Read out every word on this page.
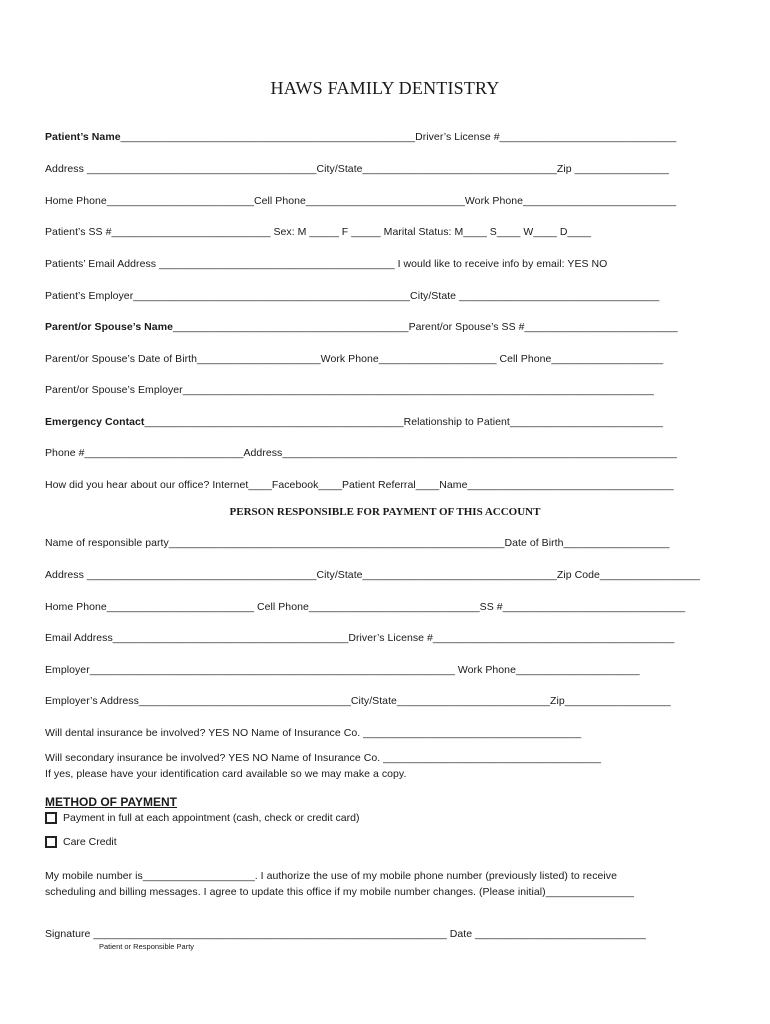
HAWS FAMILY DENTISTRY
Patient’s Name__________________________________________________Driver’s License #______________________________
Address _______________________________________City/State_________________________________Zip ________________
Home Phone_________________________Cell Phone___________________________Work Phone__________________________
Patient’s SS #___________________________ Sex: M _____ F _____ Marital Status: M____ S____ W____ D____
Patients’ Email Address ________________________________________ I would like to receive info by email: YES NO
Patient’s Employer_______________________________________________City/State __________________________________
Parent/or Spouse’s Name________________________________________Parent/or Spouse’s SS #__________________________
Parent/or Spouse’s Date of Birth_____________________Work Phone____________________ Cell Phone___________________
Parent/or Spouse’s Employer________________________________________________________________________________
Emergency Contact____________________________________________Relationship to Patient__________________________
Phone #___________________________Address___________________________________________________________________
How did you hear about our office? Internet____Facebook____Patient Referral____Name___________________________________
PERSON RESPONSIBLE FOR PAYMENT OF THIS ACCOUNT
Name of responsible party_________________________________________________________Date of Birth__________________
Address _______________________________________City/State_________________________________Zip Code_________________
Home Phone_________________________ Cell Phone_____________________________SS #_______________________________
Email Address________________________________________Driver’s License #_________________________________________
Employer______________________________________________________________ Work Phone_____________________
Employer’s Address____________________________________City/State__________________________Zip__________________
Will dental insurance be involved? YES NO Name of Insurance Co. _____________________________________
Will secondary insurance be involved? YES NO Name of Insurance Co. _____________________________________
If yes, please have your identification card available so we may make a copy.
METHOD OF PAYMENT
Payment in full at each appointment (cash, check or credit card)
Care Credit
My mobile number is___________________. I authorize the use of my mobile phone number (previously listed) to receive
scheduling and billing messages. I agree to update this office if my mobile number changes. (Please initial)_______________
Signature ____________________________________________________________ Date _____________________________
Patient or Responsible Party
